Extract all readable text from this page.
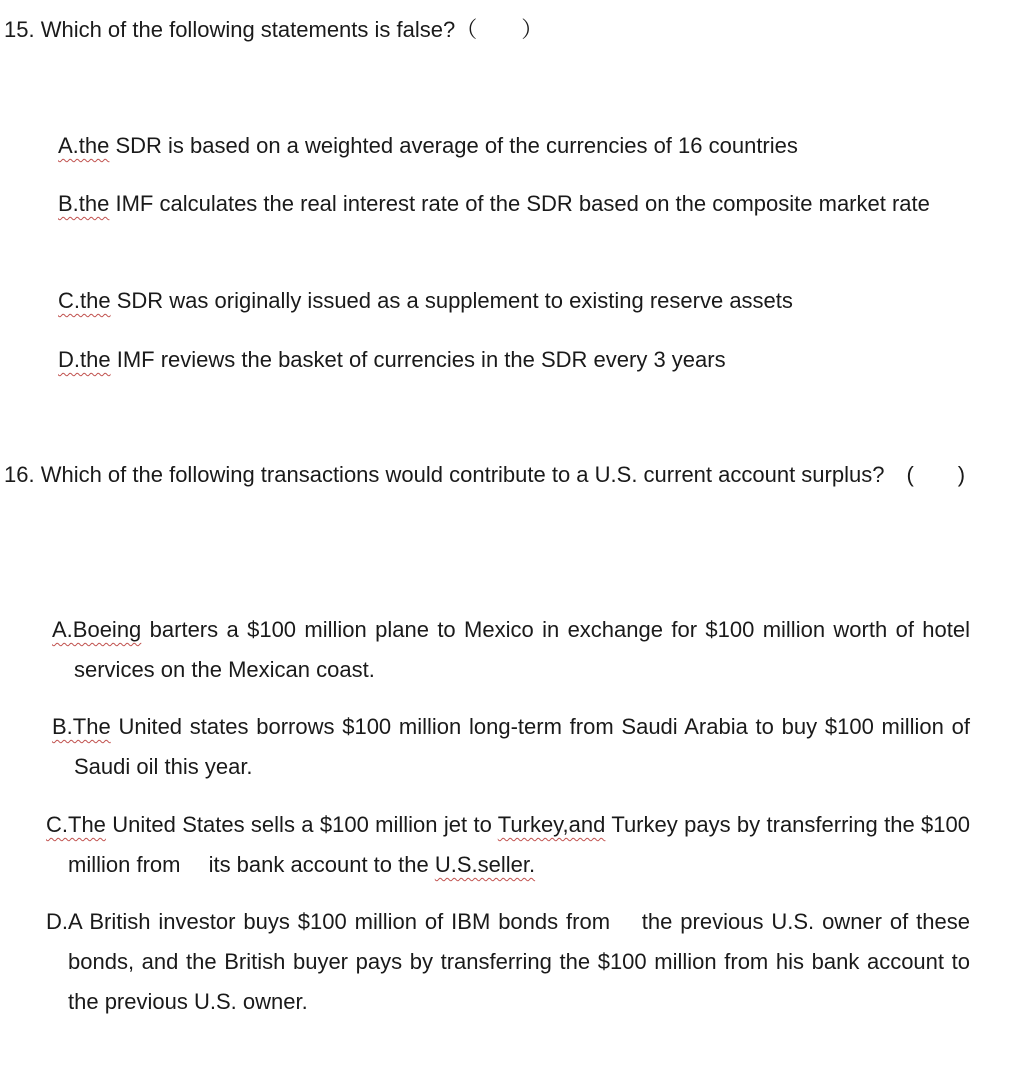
15. Which of the following statements is false?（　　）

A.the SDR is based on a weighted average of the currencies of 16 countries

B.the IMF calculates the real interest rate of the SDR based on the composite market rate

C.the SDR was originally issued as a supplement to existing reserve assets

D.the IMF reviews the basket of currencies in the SDR every 3 years

16. Which of the following transactions would contribute to a U.S. current account surplus?　(　　)

A.Boeing barters a $100 million plane to Mexico in exchange for $100 million worth of hotel services on the Mexican coast.

B.The United states borrows $100 million long-term from Saudi Arabia to buy $100 million of Saudi oil this year.

C.The United States sells a $100 million jet to Turkey,and Turkey pays by transferring the $100 million from 　its bank account to the U.S.seller.

D.A British investor buys $100 million of IBM bonds from 　the previous U.S. owner of these bonds, and the British buyer pays by transferring the $100 million from his bank account to the previous U.S. owner.
